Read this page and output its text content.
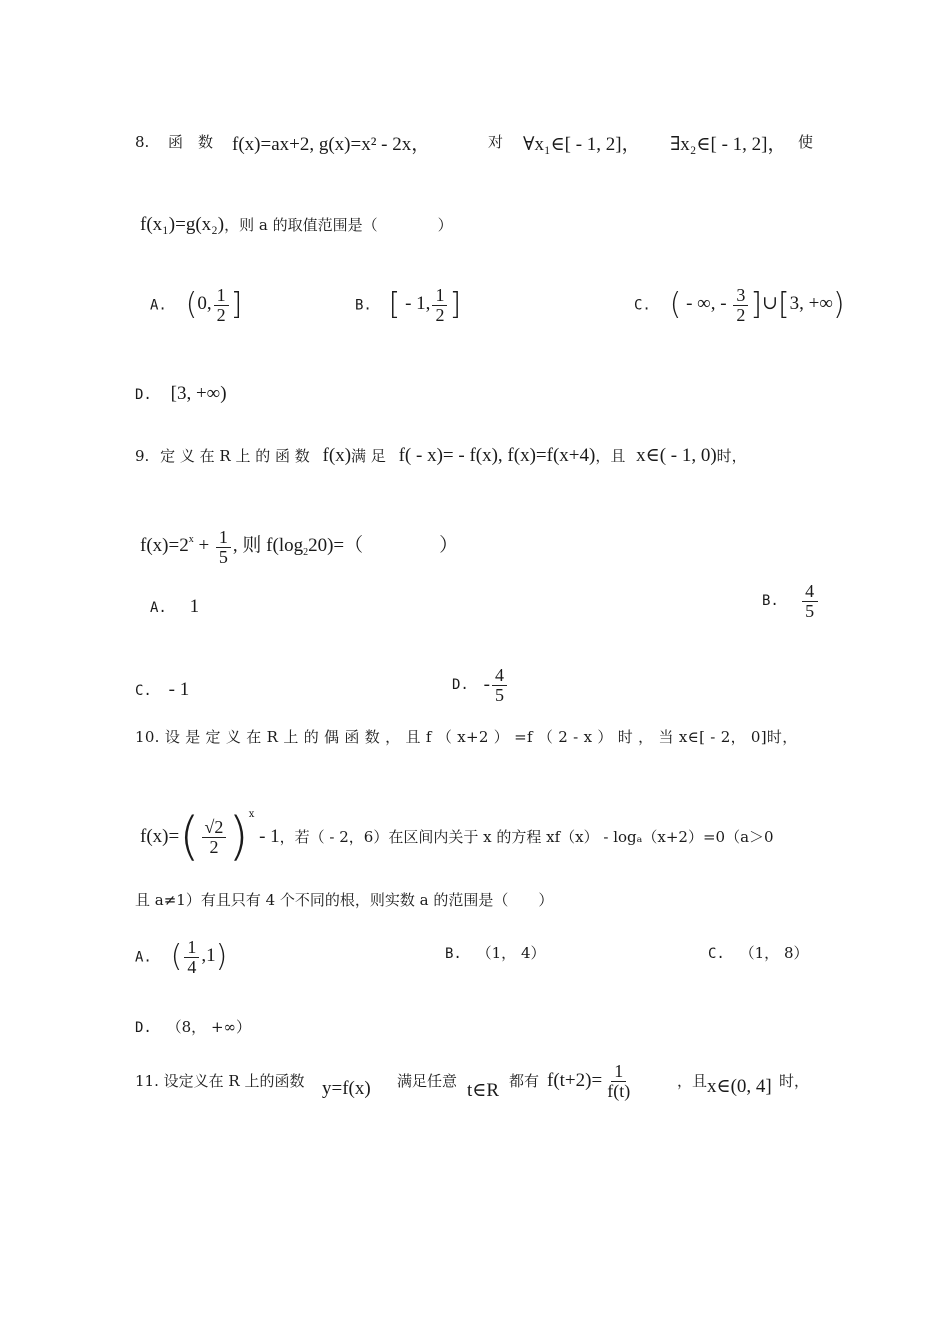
8. 函 数 f(x)=ax+2, g(x)=x² - 2x，	对 ∀x₁∈[ - 1, 2]， ∃x₂∈[ - 1, 2]， 使
f(x₁)=g(x₂)，则 a 的取值范围是（　　　　）
A. (0, $\frac{1}{2}$ ]	B. [ - 1, $\frac{1}{2}$ ]	C. ( - ∞, - $\frac{3}{2}$ ]∪[3, +∞)
D. [3, +∞)
9. 定 义 在 R 上 的 函 数 f(x)满 足 f( - x)= - f(x), f(x)=f(x+4)，且 x∈( - 1, 0)时，
$f(x)=2^x + \frac{1}{5}$ , 则 $f(\log_220)=$（　　　　）
A. 1	B. $\frac{4}{5}$
C. - 1	D. - $\frac{4}{5}$
10. 设 是 定 义 在 R 上 的 偶 函 数 ， 且 f （ x+2 ） =f （ 2 - x ） 时 ， 当 x∈[ - 2， 0]时，
$f(x)=( \frac{√2}{2} )^x - 1$，若（ - 2，6）在区间内关于 x 的方程 xf（x） - logₐ（x+2）=0（a＞0
且 a≠1）有且只有 4 个不同的根，则实数 a 的范围是（　　）
A. ( $\frac{1}{4} ,1$)	B. （1， 4）	C. （1， 8）
D. （8， +∞）
11. 设定义在 R 上的函数 y=f(x) 满足任意 t∈R 都有 $f(t+2)= \frac{1}{f(t)}$	，且 x∈(0, 4] 时，
